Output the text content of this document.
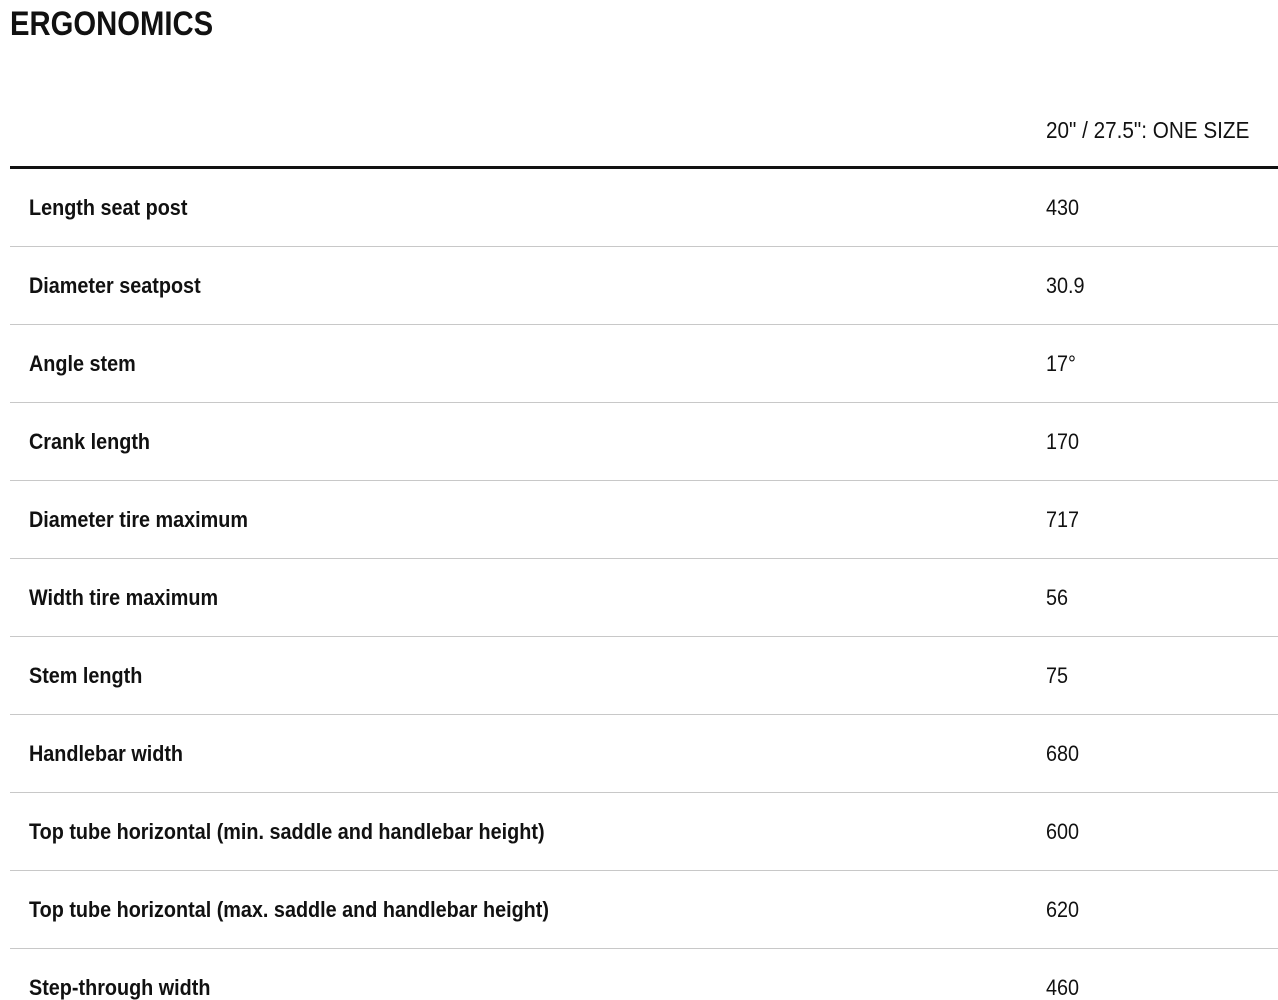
ERGONOMICS
	20" / 27.5": ONE SIZE
Length seat post	430
Diameter seatpost	30.9
Angle stem	17°
Crank length	170
Diameter tire maximum	717
Width tire maximum	56
Stem length	75
Handlebar width	680
Top tube horizontal (min. saddle and handlebar height)	600
Top tube horizontal (max. saddle and handlebar height)	620
Step-through width	460
